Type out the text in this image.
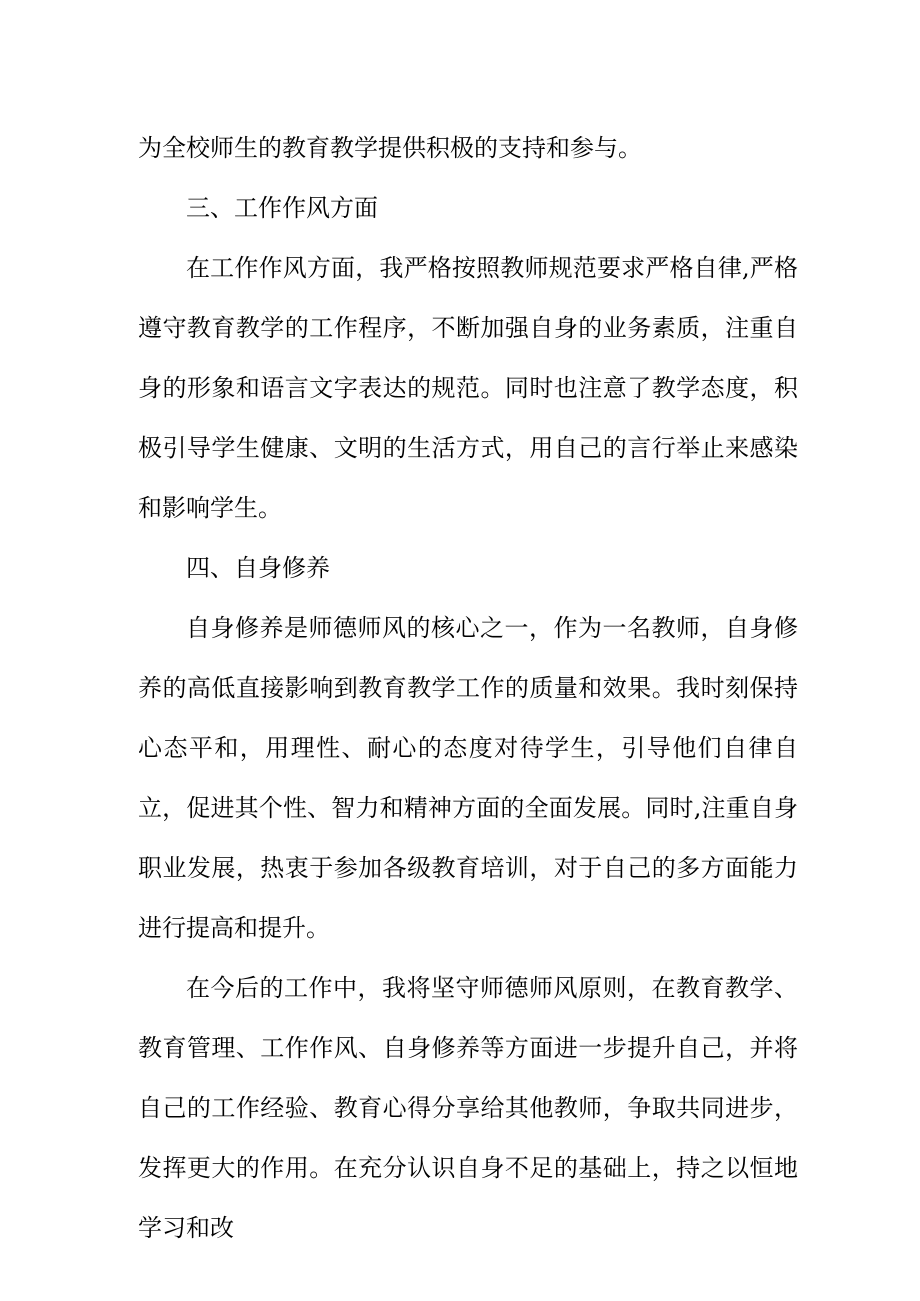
为全校师生的教育教学提供积极的支持和参与。

三、工作作风方面

在工作作风方面，我严格按照教师规范要求严格自律,严格遵守教育教学的工作程序，不断加强自身的业务素质，注重自身的形象和语言文字表达的规范。同时也注意了教学态度，积极引导学生健康、文明的生活方式，用自己的言行举止来感染和影响学生。

四、自身修养

自身修养是师德师风的核心之一，作为一名教师，自身修养的高低直接影响到教育教学工作的质量和效果。我时刻保持心态平和，用理性、耐心的态度对待学生，引导他们自律自立，促进其个性、智力和精神方面的全面发展。同时,注重自身职业发展，热衷于参加各级教育培训，对于自己的多方面能力进行提高和提升。

在今后的工作中，我将坚守师德师风原则，在教育教学、教育管理、工作作风、自身修养等方面进一步提升自己，并将自己的工作经验、教育心得分享给其他教师，争取共同进步，发挥更大的作用。在充分认识自身不足的基础上，持之以恒地学习和改
